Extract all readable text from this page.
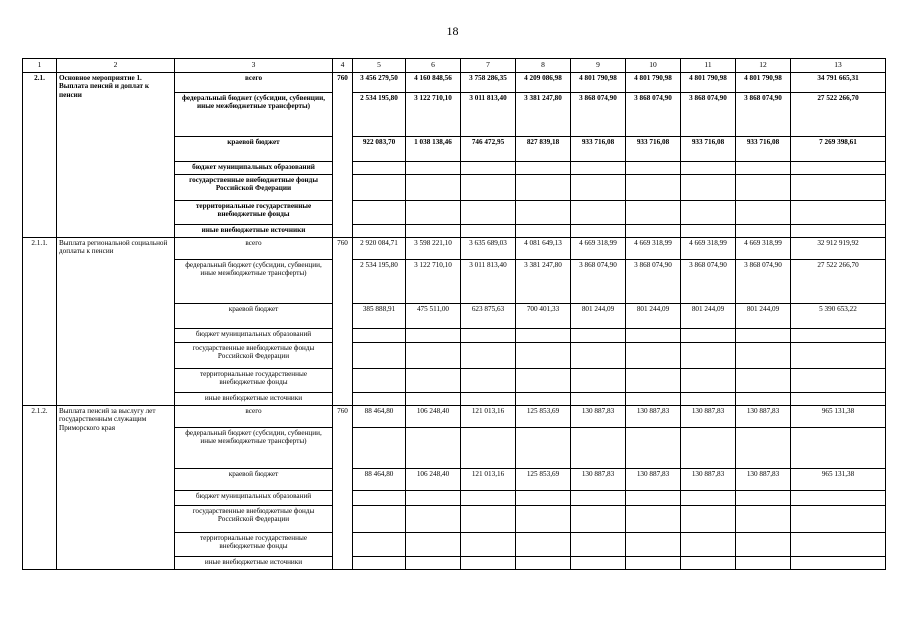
18
1	2	3	4	5	6	7	8	9	10	11	12	13
2.1.	Основное мероприятие 1. Выплата пенсий и доплат к пенсии	всего	760	3 456 279,50	4 160 848,56	3 758 286,35	4 209 086,98	4 801 790,98	4 801 790,98	4 801 790,98	4 801 790,98	34 791 665,31
		федеральный бюджет (субсидии, субвенции, иные межбюджетные трансферты)		2 534 195,80	3 122 710,10	3 011 813,40	3 381 247,80	3 868 074,90	3 868 074,90	3 868 074,90	3 868 074,90	27 522 266,70
		краевой бюджет		922 083,70	1 038 138,46	746 472,95	827 839,18	933 716,08	933 716,08	933 716,08	933 716,08	7 269 398,61
		бюджет муниципальных образований										
		государственные внебюджетные фонды Российской Федерации										
		территориальные государственные внебюджетные фонды										
		иные внебюджетные источники										
2.1.1.	Выплата региональной социальной доплаты к пенсии	всего	760	2 920 084,71	3 598 221,10	3 635 689,03	4 081 649,13	4 669 318,99	4 669 318,99	4 669 318,99	4 669 318,99	32 912 919,92
		федеральный бюджет (субсидии, субвенции, иные межбюджетные трансферты)		2 534 195,80	3 122 710,10	3 011 813,40	3 381 247,80	3 868 074,90	3 868 074,90	3 868 074,90	3 868 074,90	27 522 266,70
		краевой бюджет		385 888,91	475 511,00	623 875,63	700 401,33	801 244,09	801 244,09	801 244,09	801 244,09	5 390 653,22
		бюджет муниципальных образований										
		государственные внебюджетные фонды Российской Федерации										
		территориальные государственные внебюджетные фонды										
		иные внебюджетные источники										
2.1.2.	Выплата пенсий за выслугу лет государственным служащим Приморского края	всего	760	88 464,80	106 248,40	121 013,16	125 853,69	130 887,83	130 887,83	130 887,83	130 887,83	965 131,38
		федеральный бюджет (субсидии, субвенции, иные межбюджетные трансферты)										
		краевой бюджет		88 464,80	106 248,40	121 013,16	125 853,69	130 887,83	130 887,83	130 887,83	130 887,83	965 131,38
		бюджет муниципальных образований										
		государственные внебюджетные фонды Российской Федерации										
		территориальные государственные внебюджетные фонды										
		иные внебюджетные источники										
